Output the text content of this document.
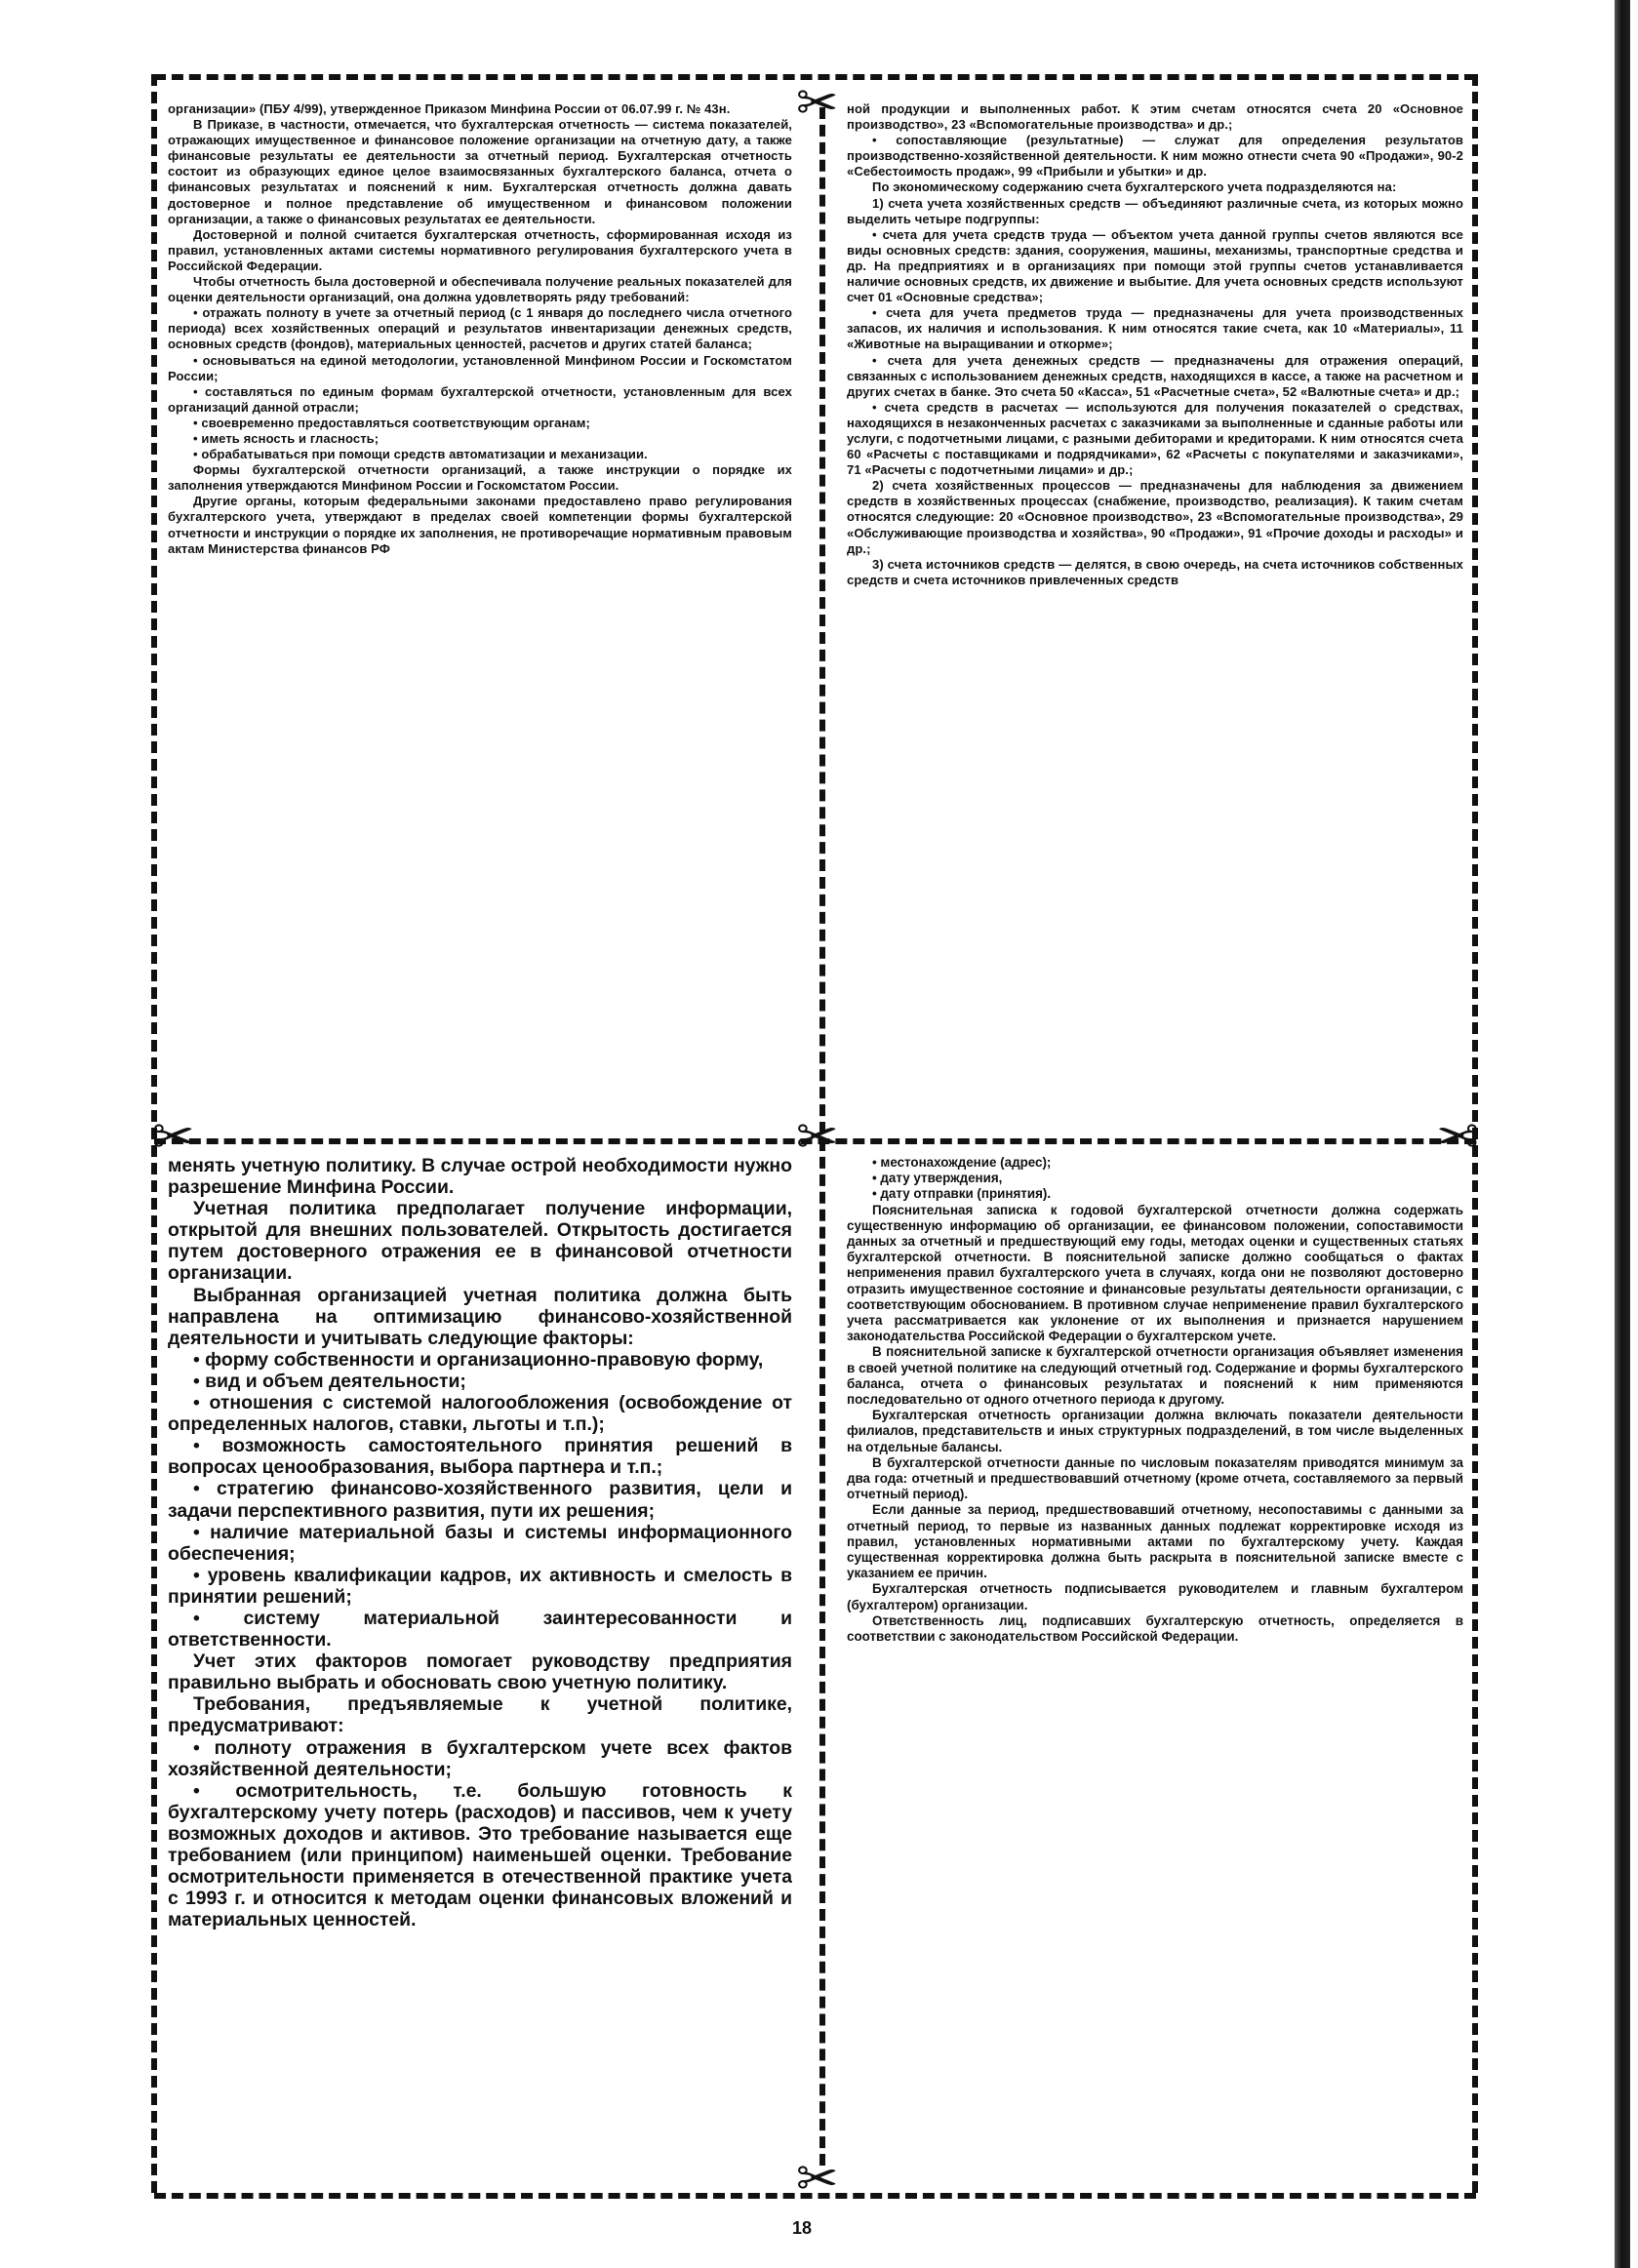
✂
✂	✂	✂
✂

организации» (ПБУ 4/99), утвержденное Приказом Минфина России от 06.07.99 г. № 43н.

В Приказе, в частности, отмечается, что бухгалтерская отчетность — система показателей, отражающих имущественное и финансовое положение организации на отчетную дату, а также финансовые результаты ее деятельности за отчетный период. Бухгалтерская отчетность состоит из образующих единое целое взаимосвязанных бухгалтерского баланса, отчета о финансовых результатах и пояснений к ним. Бухгалтерская отчетность должна давать достоверное и полное представление об имущественном и финансовом положении организации, а также о финансовых результатах ее деятельности.

Достоверной и полной считается бухгалтерская отчетность, сформированная исходя из правил, установленных актами системы нормативного регулирования бухгалтерского учета в Российской Федерации.

Чтобы отчетность была достоверной и обеспечивала получение реальных показателей для оценки деятельности организаций, она должна удовлетворять ряду требований:

• отражать полноту в учете за отчетный период (с 1 января до последнего числа отчетного периода) всех хозяйственных операций и результатов инвентаризации денежных средств, основных средств (фондов), материальных ценностей, расчетов и других статей баланса;

• основываться на единой методологии, установленной Минфином России и Госкомстатом России;

• составляться по единым формам бухгалтерской отчетности, установленным для всех организаций данной отрасли;

• своевременно предоставляться соответствующим органам;

• иметь ясность и гласность;

• обрабатываться при помощи средств автоматизации и механизации.

Формы бухгалтерской отчетности организаций, а также инструкции о порядке их заполнения утверждаются Минфином России и Госкомстатом России.

Другие органы, которым федеральными законами предоставлено право регулирования бухгалтерского учета, утверждают в пределах своей компетенции формы бухгалтерской отчетности и инструкции о порядке их заполнения, не противоречащие нормативным правовым актам Министерства финансов РФ

ной продукции и выполненных работ. К этим счетам относятся счета 20 «Основное производство», 23 «Вспомогательные производства» и др.;

• сопоставляющие (результатные) — служат для определения результатов производственно-хозяйственной деятельности. К ним можно отнести счета 90 «Продажи», 90-2 «Себестоимость продаж», 99 «Прибыли и убытки» и др.

По экономическому содержанию счета бухгалтерского учета подразделяются на:

1) счета учета хозяйственных средств — объединяют различные счета, из которых можно выделить четыре подгруппы:

• счета для учета средств труда — объектом учета данной группы счетов являются все виды основных средств: здания, сооружения, машины, механизмы, транспортные средства и др. На предприятиях и в организациях при помощи этой группы счетов устанавливается наличие основных средств, их движение и выбытие. Для учета основных средств используют счет 01 «Основные средства»;

• счета для учета предметов труда — предназначены для учета производственных запасов, их наличия и использования. К ним относятся такие счета, как 10 «Материалы», 11 «Животные на выращивании и откорме»;

• счета для учета денежных средств — предназначены для отражения операций, связанных с использованием денежных средств, находящихся в кассе, а также на расчетном и других счетах в банке. Это счета 50 «Касса», 51 «Расчетные счета», 52 «Валютные счета» и др.;

• счета средств в расчетах — используются для получения показателей о средствах, находящихся в незаконченных расчетах с заказчиками за выполненные и сданные работы или услуги, с подотчетными лицами, с разными дебиторами и кредиторами. К ним относятся счета 60 «Расчеты с поставщиками и подрядчиками», 62 «Расчеты с покупателями и заказчиками», 71 «Расчеты с подотчетными лицами» и др.;

2) счета хозяйственных процессов — предназначены для наблюдения за движением средств в хозяйственных процессах (снабжение, производство, реализация). К таким счетам относятся следующие: 20 «Основное производство», 23 «Вспомогательные производства», 29 «Обслуживающие производства и хозяйства», 90 «Продажи», 91 «Прочие доходы и расходы» и др.;

3) счета источников средств — делятся, в свою очередь, на счета источников собственных средств и счета источников привлеченных средств

менять учетную политику. В случае острой необходимости нужно разрешение Минфина России.

Учетная политика предполагает получение информации, открытой для внешних пользователей. Открытость достигается путем достоверного отражения ее в финансовой отчетности организации.

Выбранная организацией учетная политика должна быть направлена на оптимизацию финансово-хозяйственной деятельности и учитывать следующие факторы:

• форму собственности и организационно-правовую форму,

• вид и объем деятельности;

• отношения с системой налогообложения (освобождение от определенных налогов, ставки, льготы и т.п.);

• возможность самостоятельного принятия решений в вопросах ценообразования, выбора партнера и т.п.;

• стратегию финансово-хозяйственного развития, цели и задачи перспективного развития, пути их решения;

• наличие материальной базы и системы информационного обеспечения;

• уровень квалификации кадров, их активность и смелость в принятии решений;

• систему материальной заинтересованности и ответственности.

Учет этих факторов помогает руководству предприятия правильно выбрать и обосновать свою учетную политику.

Требования, предъявляемые к учетной политике, предусматривают:

• полноту отражения в бухгалтерском учете всех фактов хозяйственной деятельности;

• осмотрительность, т.е. большую готовность к бухгалтерскому учету потерь (расходов) и пассивов, чем к учету возможных доходов и активов. Это требование называется еще требованием (или принципом) наименьшей оценки. Требование осмотрительности применяется в отечественной практике учета с 1993 г. и относится к методам оценки финансовых вложений и материальных ценностей.

• местонахождение (адрес);

• дату утверждения,

• дату отправки (принятия).

Пояснительная записка к годовой бухгалтерской отчетности должна содержать существенную информацию об организации, ее финансовом положении, сопоставимости данных за отчетный и предшествующий ему годы, методах оценки и существенных статьях бухгалтерской отчетности. В пояснительной записке должно сообщаться о фактах неприменения правил бухгалтерского учета в случаях, когда они не позволяют достоверно отразить имущественное состояние и финансовые результаты деятельности организации, с соответствующим обоснованием. В противном случае неприменение правил бухгалтерского учета рассматривается как уклонение от их выполнения и признается нарушением законодательства Российской Федерации о бухгалтерском учете.

В пояснительной записке к бухгалтерской отчетности организация объявляет изменения в своей учетной политике на следующий отчетный год. Содержание и формы бухгалтерского баланса, отчета о финансовых результатах и пояснений к ним применяются последовательно от одного отчетного периода к другому.

Бухгалтерская отчетность организации должна включать показатели деятельности филиалов, представительств и иных структурных подразделений, в том числе выделенных на отдельные балансы.

В бухгалтерской отчетности данные по числовым показателям приводятся минимум за два года: отчетный и предшествовавший отчетному (кроме отчета, составляемого за первый отчетный период).

Если данные за период, предшествовавший отчетному, несопоставимы с данными за отчетный период, то первые из названных данных подлежат корректировке исходя из правил, установленных нормативными актами по бухгалтерскому учету. Каждая существенная корректировка должна быть раскрыта в пояснительной записке вместе с указанием ее причин.

Бухгалтерская отчетность подписывается руководителем и главным бухгалтером (бухгалтером) организации.

Ответственность лиц, подписавших бухгалтерскую отчетность, определяется в соответствии с законодательством Российской Федерации.

18
